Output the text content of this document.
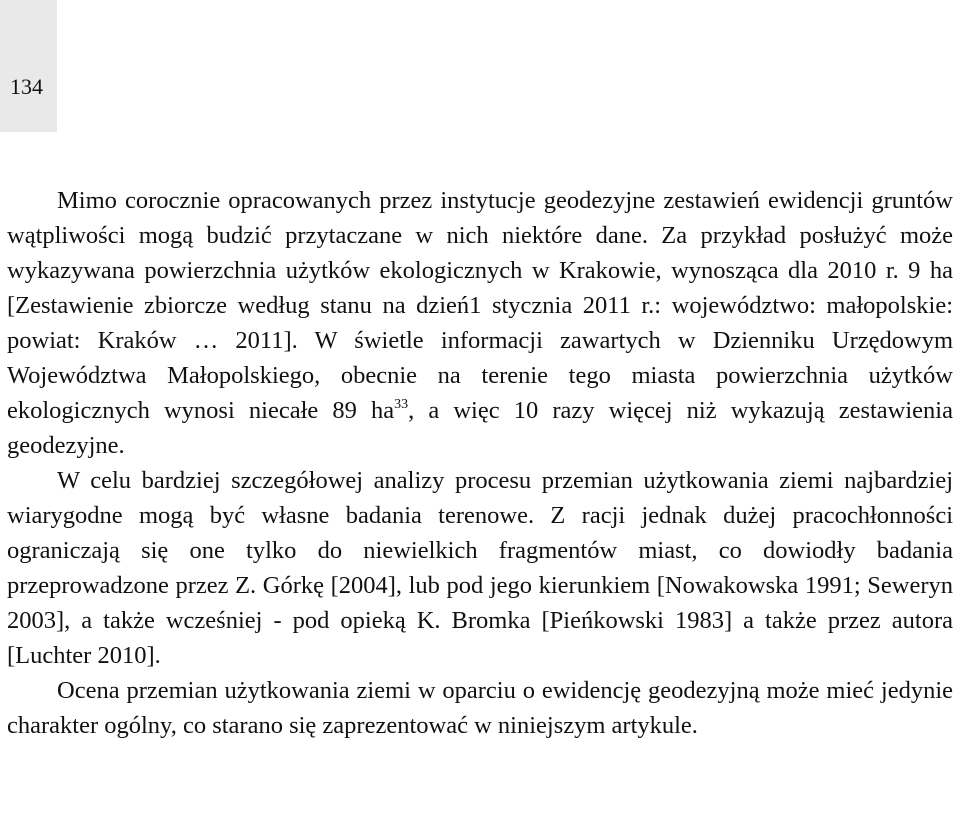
134

Mimo corocznie opracowanych przez instytucje geodezyjne zestawień ewidencji gruntów wątpliwości mogą budzić przytaczane w nich niektóre dane. Za przykład posłużyć może wykazywana powierzchnia użytków ekologicznych w Krakowie, wynosząca dla 2010 r. 9 ha [Zestawienie zbiorcze według stanu na dzień1 stycznia 2011 r.: województwo: małopolskie: powiat: Kraków … 2011]. W świetle informacji zawartych w Dzienniku Urzędowym Województwa Małopolskiego, obecnie na terenie tego miasta powierzchnia użytków ekologicznych wynosi niecałe 89 $ha^{33}$, a więc 10 razy więcej niż wykazują zestawienia geodezyjne.

W celu bardziej szczegółowej analizy procesu przemian użytkowania ziemi najbardziej wiarygodne mogą być własne badania terenowe. Z racji jednak dużej pracochłonności ograniczają się one tylko do niewielkich fragmentów miast, co dowiodły badania przeprowadzone przez Z. Górkę [2004], lub pod jego kierunkiem [Nowakowska 1991; Seweryn 2003], a także wcześniej - pod opieką K. Bromka [Pieńkowski 1983] a także przez autora [Luchter 2010].

Ocena przemian użytkowania ziemi w oparciu o ewidencję geodezyjną może mieć jedynie charakter ogólny, co starano się zaprezentować w niniejszym artykule.
